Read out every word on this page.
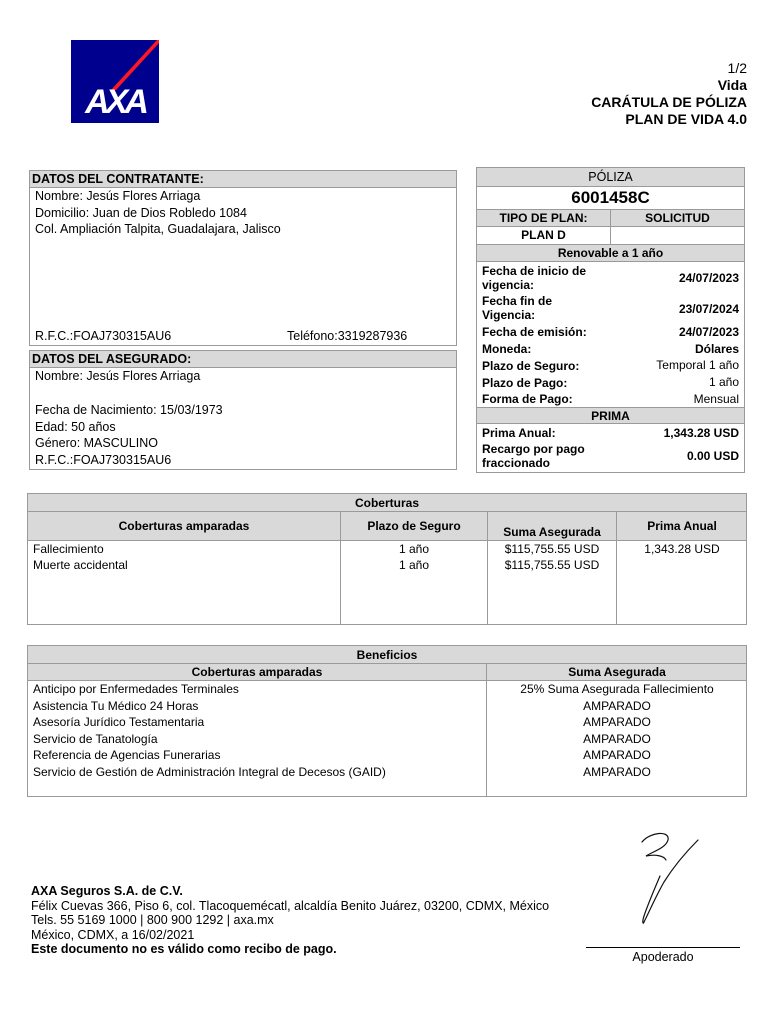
AXA
1/2
Vida
CARÁTULA DE PÓLIZA
PLAN DE VIDA 4.0
DATOS DEL CONTRATANTE:
Nombre: Jesús Flores Arriaga
Domicilio: Juan de Dios Robledo 1084
Col. Ampliación Talpita, Guadalajara, Jalisco
R.F.C.:FOAJ730315AU6	Teléfono:3319287936
DATOS DEL ASEGURADO:
Nombre: Jesús Flores Arriaga
Fecha de Nacimiento: 15/03/1973
Edad: 50 años
Género: MASCULINO
R.F.C.:FOAJ730315AU6
PÓLIZA
6001458C
TIPO DE PLAN:	SOLICITUD
PLAN D
Renovable a 1 año
Fecha de inicio de
vigencia:	24/07/2023
Fecha fin de
Vigencia:	23/07/2024
Fecha de emisión:	24/07/2023
Moneda:	Dólares
Plazo de Seguro:	Temporal 1 año
Plazo de Pago:	1 año
Forma de Pago:	Mensual
PRIMA
Prima Anual:	1,343.28 USD
Recargo por pago
fraccionado	0.00 USD
Coberturas
Coberturas amparadas	Plazo de Seguro	Suma Asegurada	Prima Anual
Fallecimiento	1 año	$115,755.55 USD	1,343.28 USD
Muerte accidental	1 año	$115,755.55 USD
Beneficios
Coberturas amparadas	Suma Asegurada
Anticipo por Enfermedades Terminales	25% Suma Asegurada Fallecimiento
Asistencia Tu Médico 24 Horas	AMPARADO
Asesoría Jurídico Testamentaria	AMPARADO
Servicio de Tanatología	AMPARADO
Referencia de Agencias Funerarias	AMPARADO
Servicio de Gestión de Administración Integral de Decesos (GAID)	AMPARADO
AXA Seguros S.A. de C.V.
Félix Cuevas 366, Piso 6, col. Tlacoquemécatl, alcaldía Benito Juárez, 03200, CDMX, México
Tels. 55 5169 1000 | 800 900 1292 | axa.mx
México, CDMX, a 16/02/2021
Este documento no es válido como recibo de pago.
Apoderado
